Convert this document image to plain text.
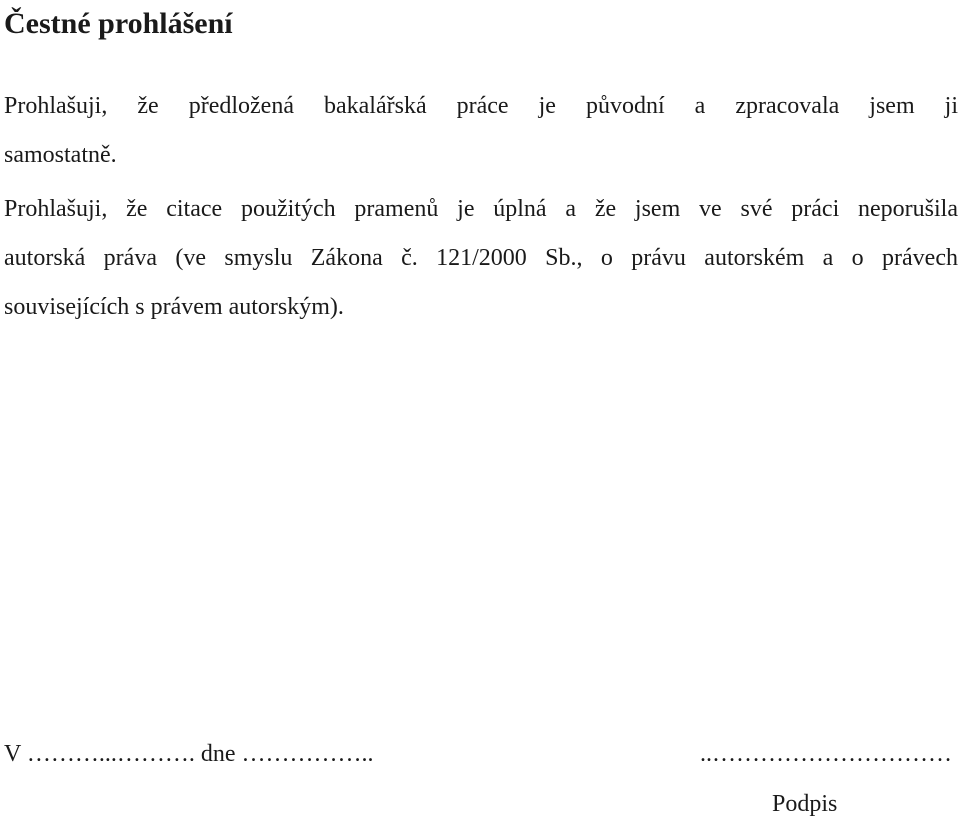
Čestné prohlášení

Prohlašuji, že předložená bakalářská práce je původní a zpracovala jsem ji
samostatně.

Prohlašuji, že citace použitých pramenů je úplná a že jsem ve své práci neporušila
autorská práva (ve smyslu Zákona č. 121/2000 Sb., o právu autorském a o právech
souvisejících s právem autorským).

V ………...………. dne ……………..	..…………………………
Podpis
